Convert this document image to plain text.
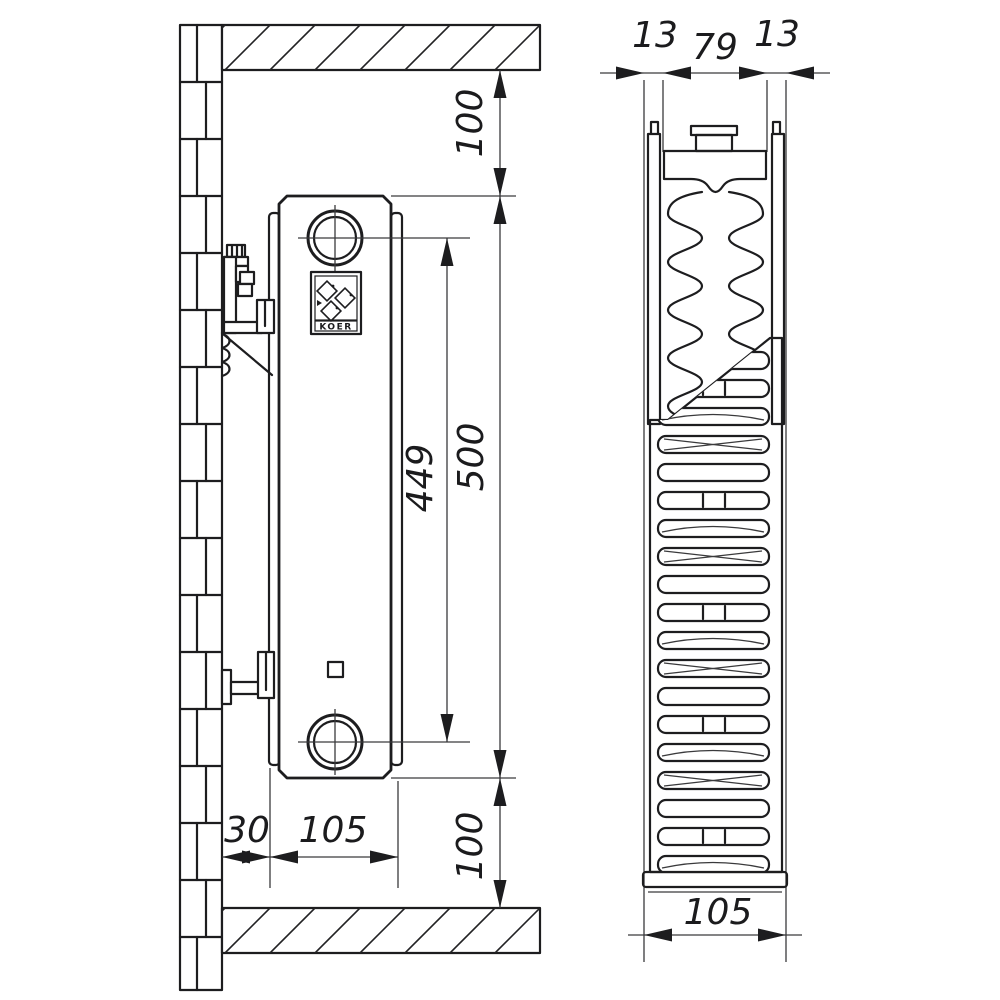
KOER
100
449 500
100
30 105
13 79 13
105
